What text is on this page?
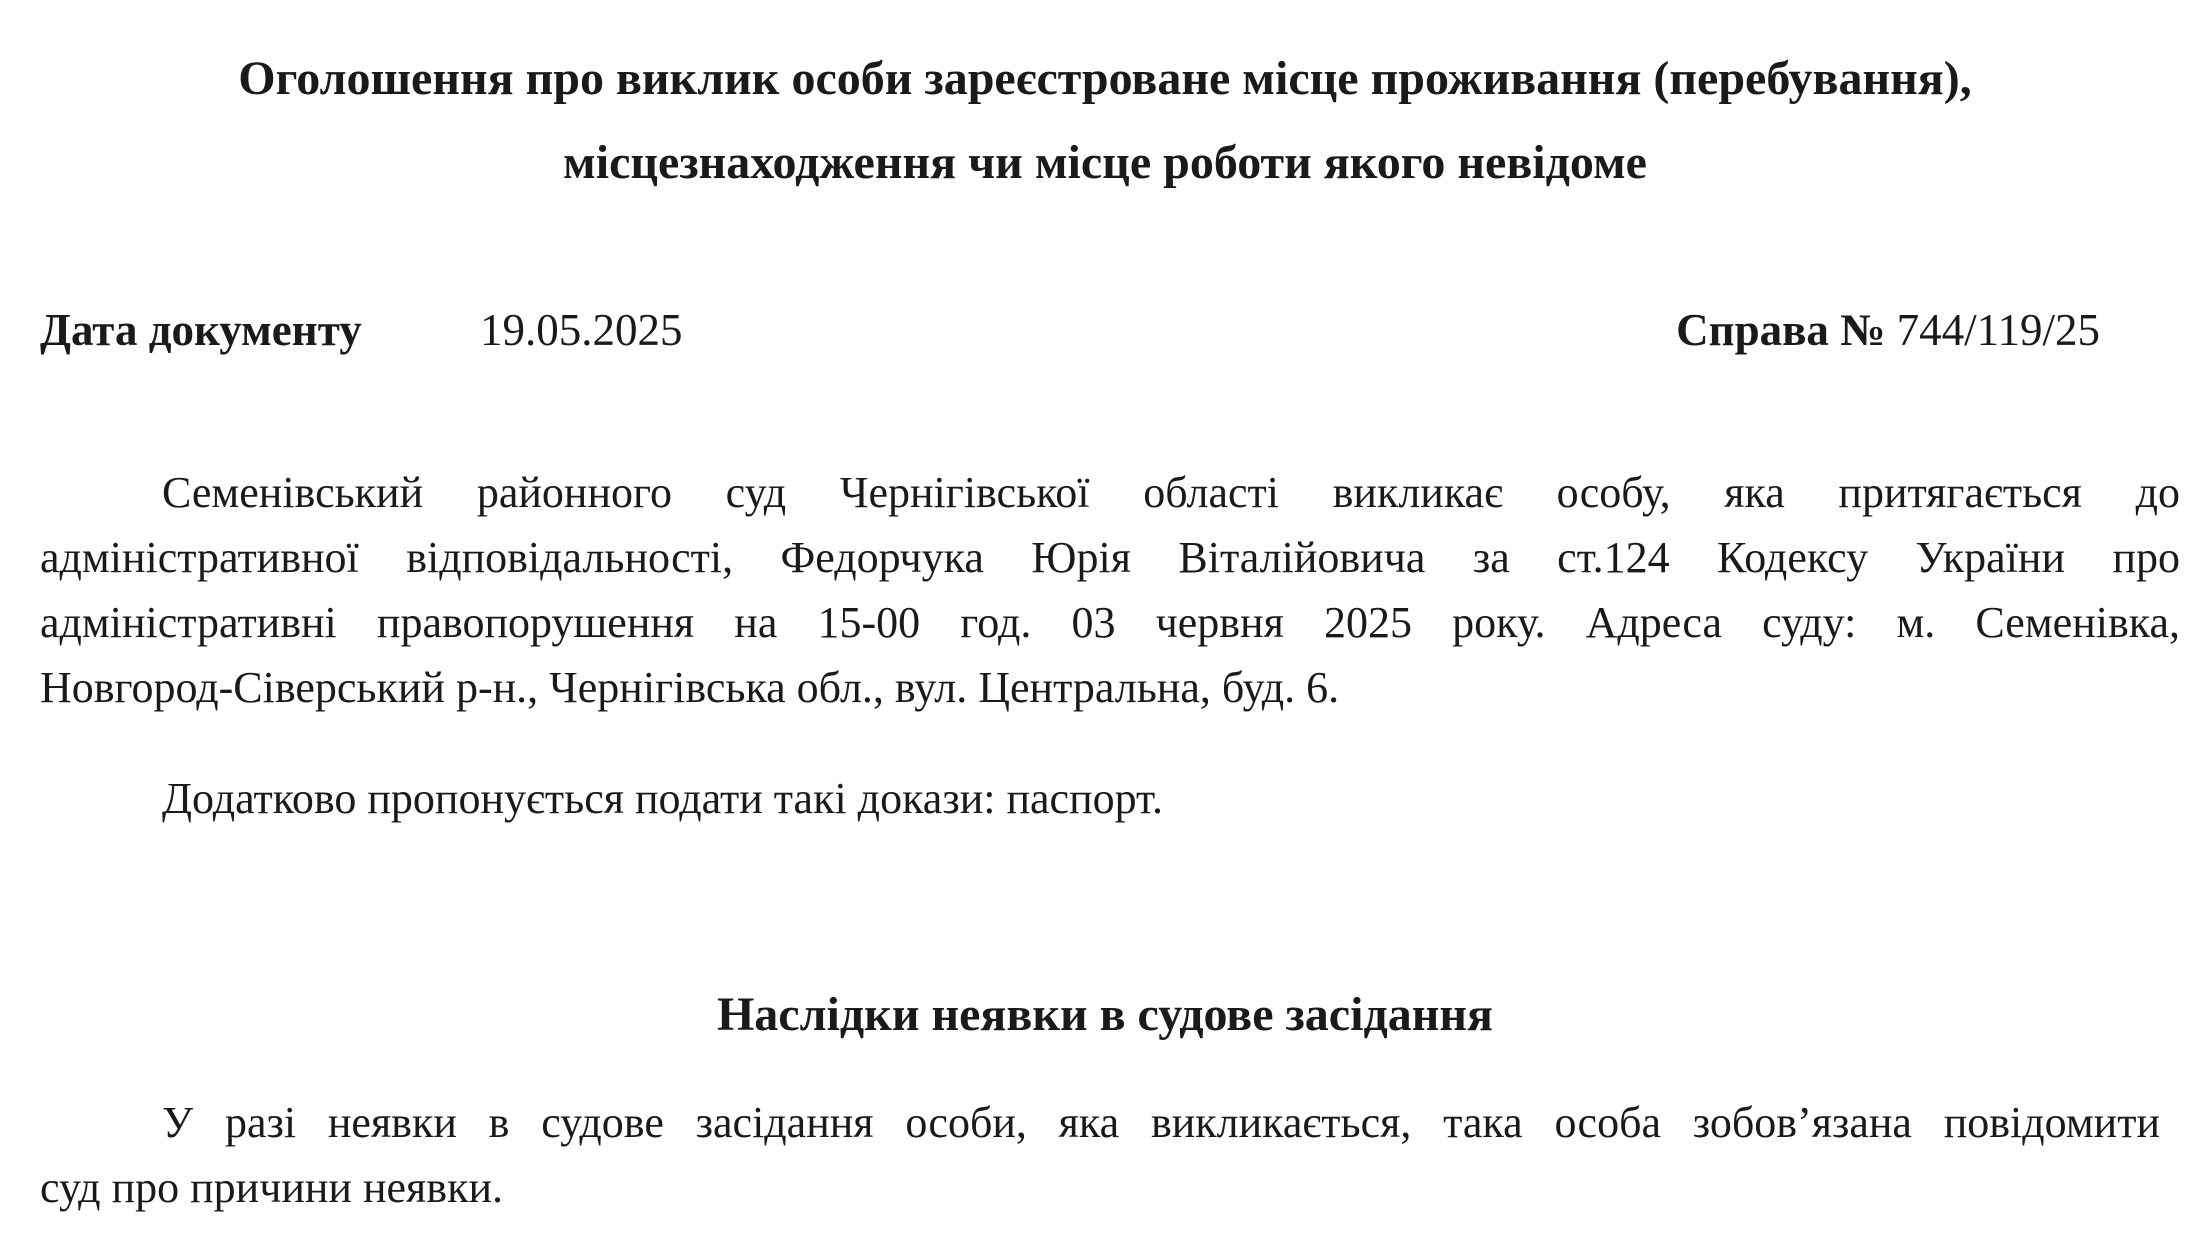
Оголошення про виклик особи зареєстроване місце проживання (перебування),
місцезнаходження чи місце роботи якого невідоме
Дата документу	19.05.2025	Справа № 744/119/25

Семенівський районного суд Чернігівської області викликає особу, яка притягається до
адміністративної відповідальності, Федорчука Юрія Віталійовича за ст.124 Кодексу України про
адміністративні правопорушення на 15-00 год. 03 червня 2025 року. Адреса суду: м. Семенівка,
Новгород-Сіверський р-н., Чернігівська обл., вул. Центральна, буд. 6.

Додатково пропонується подати такі докази: паспорт.

Наслідки неявки в судове засідання

У разі неявки в судове засідання особи, яка викликається, така особа зобов’язана повідомити
суд про причини неявки.
